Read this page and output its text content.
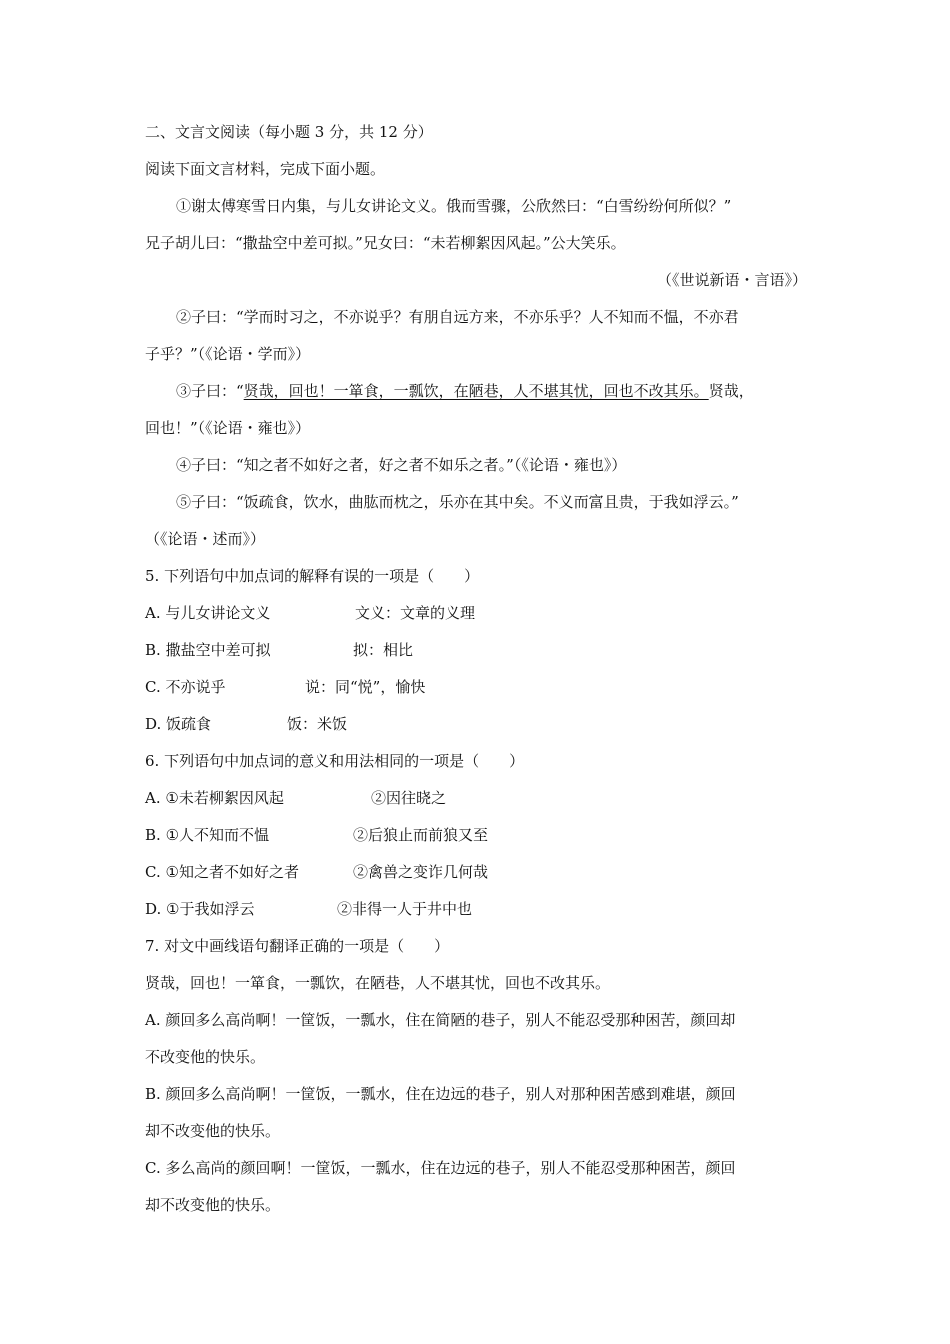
二、文言文阅读（每小题 3 分，共 12 分）
阅读下面文言材料，完成下面小题。
①谢太傅寒雪日内集，与儿女讲论文义。俄而雪骤，公欣然曰：“白雪纷纷何所似？”
兄子胡儿曰：“撒盐空中差可拟。”兄女曰：“未若柳絮因风起。”公大笑乐。
（《世说新语・言语》）
②子曰：“学而时习之，不亦说乎？有朋自远方来，不亦乐乎？人不知而不愠，不亦君
子乎？”（《论语・学而》）
③子曰：“贤哉，回也！一箪食，一瓢饮，在陋巷，人不堪其忧，回也不改其乐。贤哉，
回也！”（《论语・雍也》）
④子曰：“知之者不如好之者，好之者不如乐之者。”（《论语・雍也》）
⑤子曰：“饭疏食，饮水，曲肱而枕之，乐亦在其中矣。不义而富且贵，于我如浮云。”
（《论语・述而》）
5. 下列语句中加点词的解释有误的一项是（　　）
A. 与儿女讲论文义	文义：文章的义理
B. 撒盐空中差可拟	拟：相比
C. 不亦说乎	说：同“悦”，愉快
D. 饭疏食	饭：米饭
6. 下列语句中加点词的意义和用法相同的一项是（　　）
A. ①未若柳絮因风起	②因往晓之
B. ①人不知而不愠	②后狼止而前狼又至
C. ①知之者不如好之者	②禽兽之变诈几何哉
D. ①于我如浮云	②非得一人于井中也
7. 对文中画线语句翻译正确的一项是（　　）
贤哉，回也！一箪食，一瓢饮，在陋巷，人不堪其忧，回也不改其乐。
A. 颜回多么高尚啊！一筐饭，一瓢水，住在简陋的巷子，别人不能忍受那种困苦，颜回却
不改变他的快乐。
B. 颜回多么高尚啊！一筐饭，一瓢水，住在边远的巷子，别人对那种困苦感到难堪，颜回
却不改变他的快乐。
C. 多么高尚的颜回啊！一筐饭，一瓢水，住在边远的巷子，别人不能忍受那种困苦，颜回
却不改变他的快乐。
